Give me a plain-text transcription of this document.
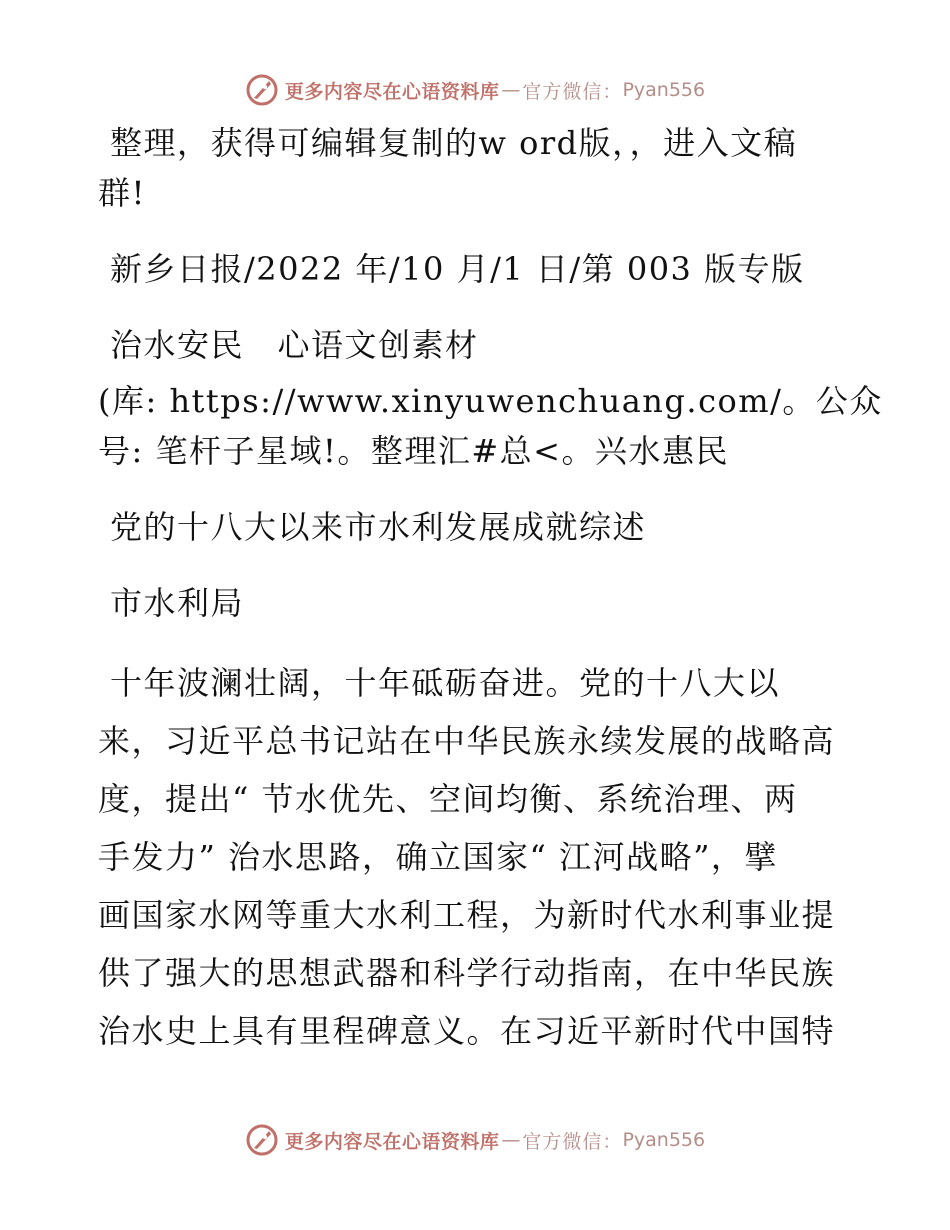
更多内容尽在心语资料库 — 官方微信： Pyan556
整理，获得可编辑复制的w ord版，，进入文稿
群!
新乡日报/2022 年/10 月/1 日/第 003 版专版
治水安民　心语文创素材
(库: https://www.xinyuwenchuang.com/。公众
号: 笔杆子星域!。整理汇#总<。兴水惠民
党的十八大以来市水利发展成就综述
市水利局
十年波澜壮阔，十年砥砺奋进。党的十八大以
来，习近平总书记站在中华民族永续发展的战略高
度，提出“ 节水优先、空间均衡、系统治理、两
手发力” 治水思路，确立国家“ 江河战略”，擘
画国家水网等重大水利工程，为新时代水利事业提
供了强大的思想武器和科学行动指南，在中华民族
治水史上具有里程碑意义。在习近平新时代中国特
更多内容尽在心语资料库 — 官方微信： Pyan556
